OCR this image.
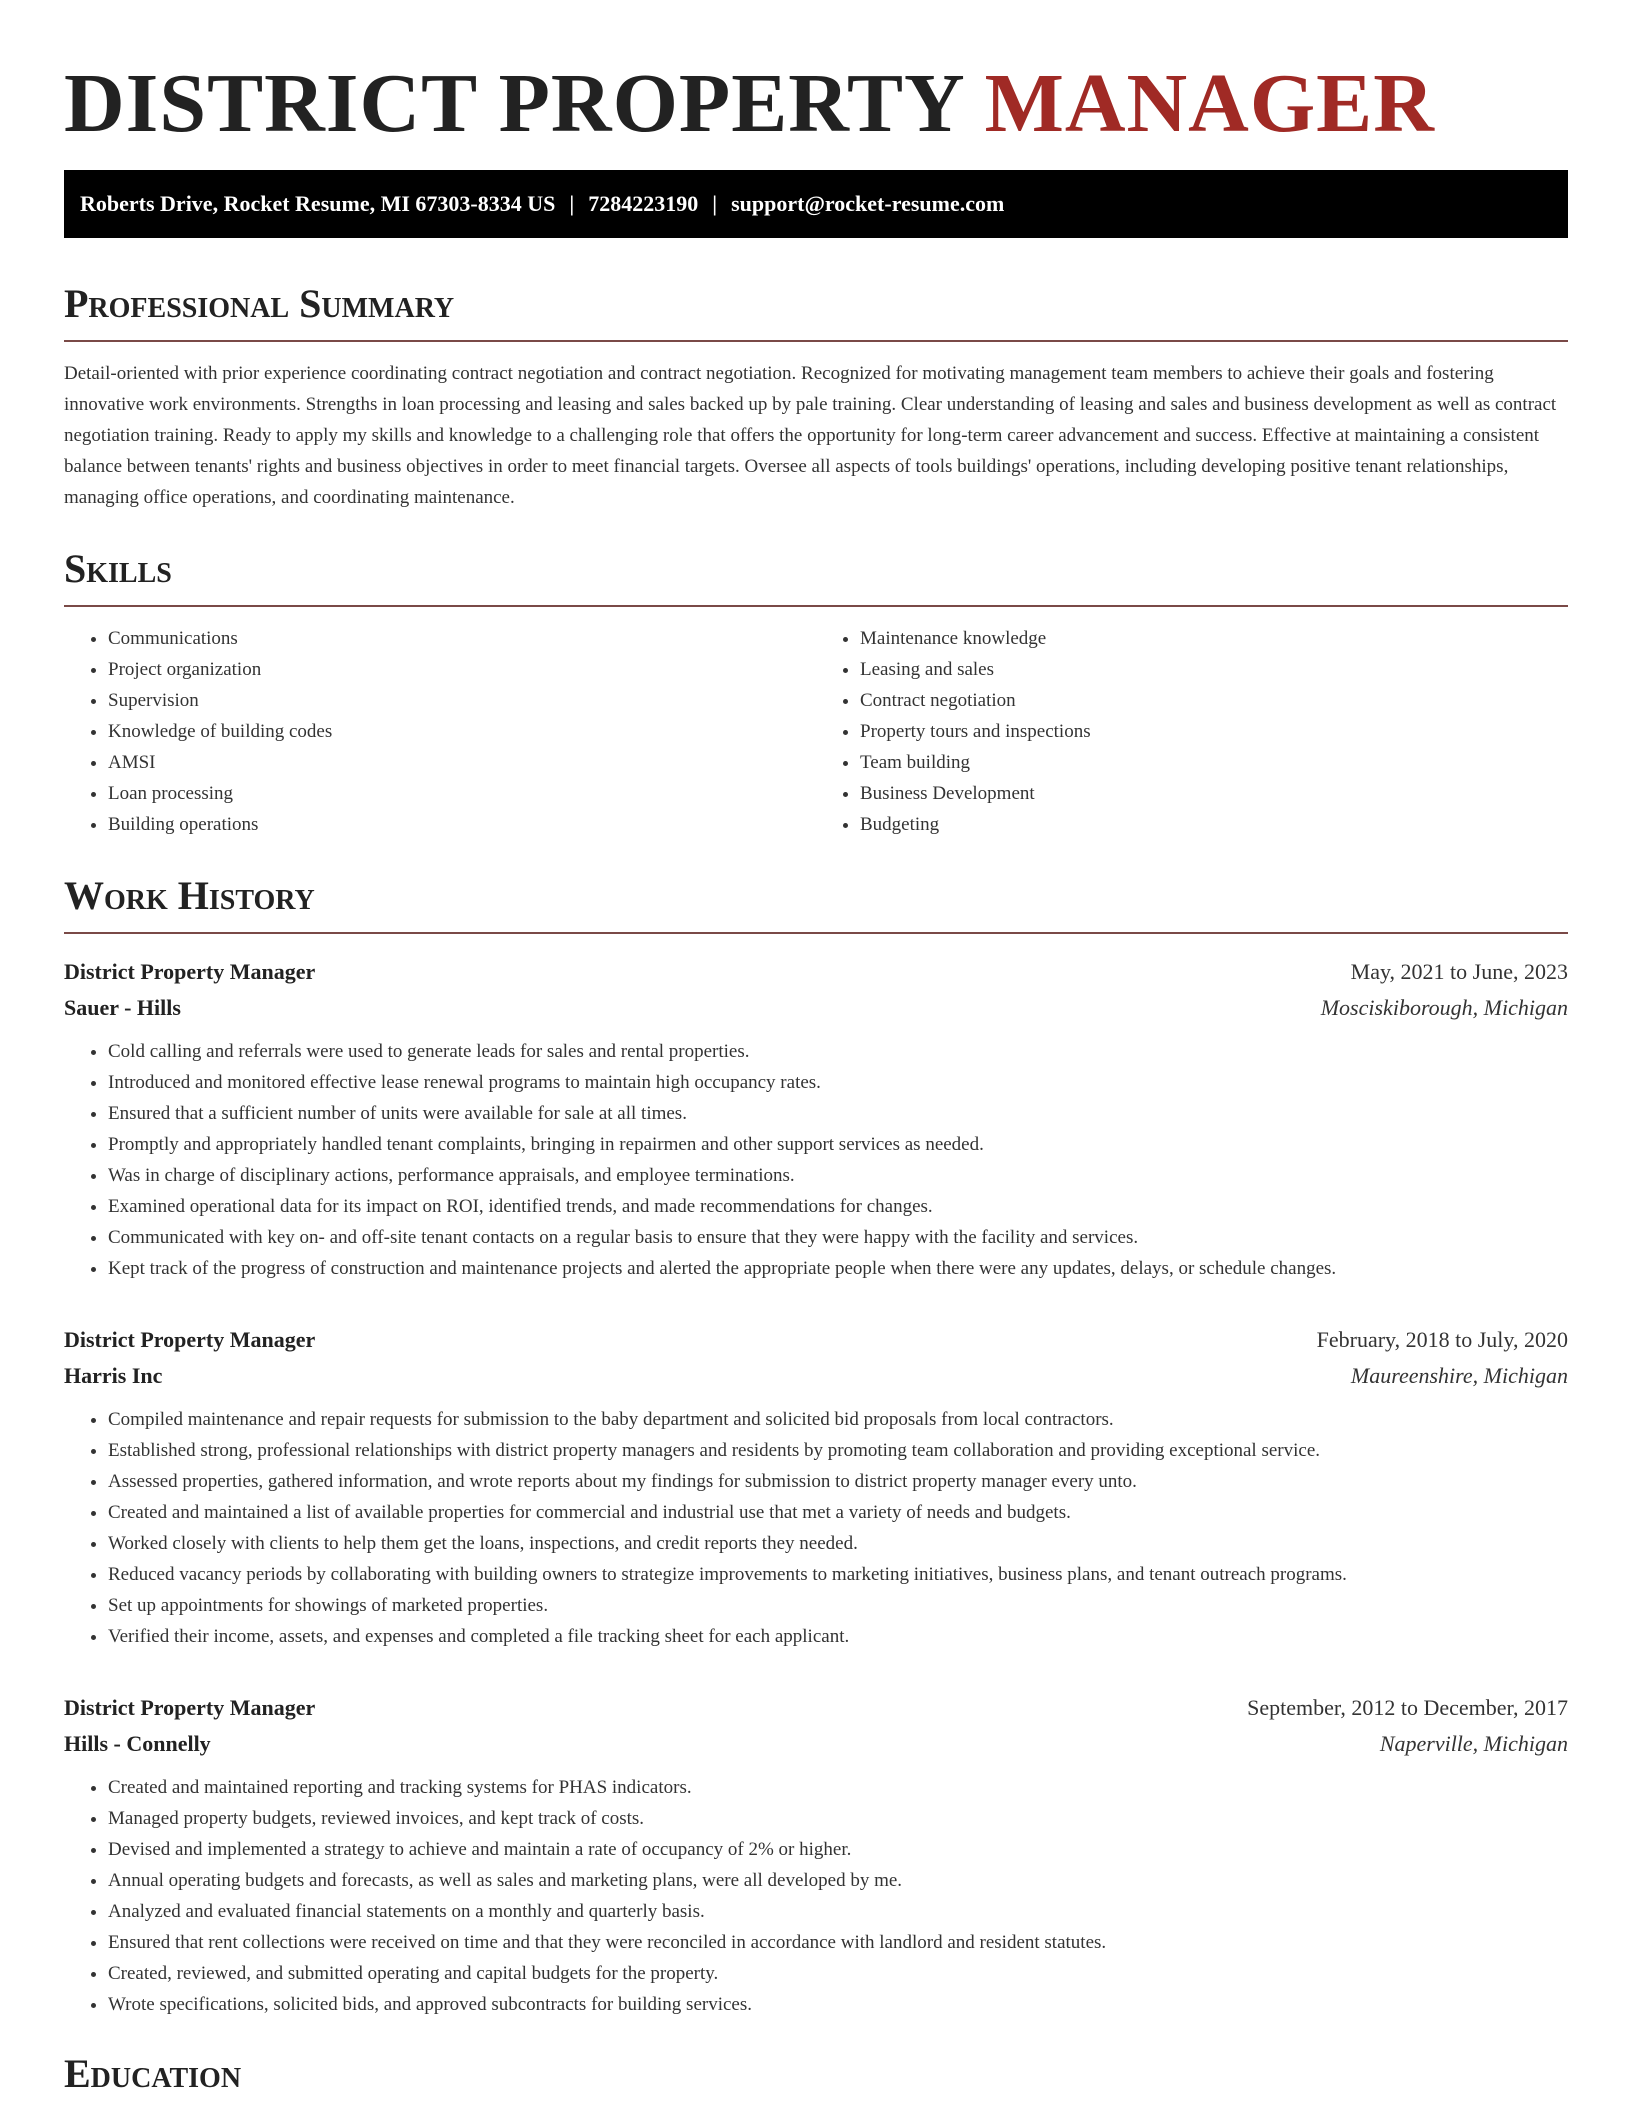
DISTRICT PROPERTY MANAGER
Roberts Drive, Rocket Resume, MI 67303-8334 US | 7284223190 | support@rocket-resume.com
Professional Summary

Detail-oriented with prior experience coordinating contract negotiation and contract negotiation. Recognized for motivating management team members to achieve their goals and fostering innovative work environments. Strengths in loan processing and leasing and sales backed up by pale training. Clear understanding of leasing and sales and business development as well as contract negotiation training. Ready to apply my skills and knowledge to a challenging role that offers the opportunity for long-term career advancement and success. Effective at maintaining a consistent balance between tenants' rights and business objectives in order to meet financial targets. Oversee all aspects of tools buildings' operations, including developing positive tenant relationships, managing office operations, and coordinating maintenance.

Skills
• Communications
• Project organization
• Supervision
• Knowledge of building codes
• AMSI
• Loan processing
• Building operations
• Maintenance knowledge
• Leasing and sales
• Contract negotiation
• Property tours and inspections
• Team building
• Business Development
• Budgeting
Work History
District Property Manager	May, 2021 to June, 2023
Sauer - Hills	Mosciskiborough, Michigan
• Cold calling and referrals were used to generate leads for sales and rental properties.
• Introduced and monitored effective lease renewal programs to maintain high occupancy rates.
• Ensured that a sufficient number of units were available for sale at all times.
• Promptly and appropriately handled tenant complaints, bringing in repairmen and other support services as needed.
• Was in charge of disciplinary actions, performance appraisals, and employee terminations.
• Examined operational data for its impact on ROI, identified trends, and made recommendations for changes.
• Communicated with key on- and off-site tenant contacts on a regular basis to ensure that they were happy with the facility and services.
• Kept track of the progress of construction and maintenance projects and alerted the appropriate people when there were any updates, delays, or schedule changes.
District Property Manager	February, 2018 to July, 2020
Harris Inc	Maureenshire, Michigan
• Compiled maintenance and repair requests for submission to the baby department and solicited bid proposals from local contractors.
• Established strong, professional relationships with district property managers and residents by promoting team collaboration and providing exceptional service.
• Assessed properties, gathered information, and wrote reports about my findings for submission to district property manager every unto.
• Created and maintained a list of available properties for commercial and industrial use that met a variety of needs and budgets.
• Worked closely with clients to help them get the loans, inspections, and credit reports they needed.
• Reduced vacancy periods by collaborating with building owners to strategize improvements to marketing initiatives, business plans, and tenant outreach programs.
• Set up appointments for showings of marketed properties.
• Verified their income, assets, and expenses and completed a file tracking sheet for each applicant.
District Property Manager	September, 2012 to December, 2017
Hills - Connelly	Naperville, Michigan
• Created and maintained reporting and tracking systems for PHAS indicators.
• Managed property budgets, reviewed invoices, and kept track of costs.
• Devised and implemented a strategy to achieve and maintain a rate of occupancy of 2% or higher.
• Annual operating budgets and forecasts, as well as sales and marketing plans, were all developed by me.
• Analyzed and evaluated financial statements on a monthly and quarterly basis.
• Ensured that rent collections were received on time and that they were reconciled in accordance with landlord and resident statutes.
• Created, reviewed, and submitted operating and capital budgets for the property.
• Wrote specifications, solicited bids, and approved subcontracts for building services.
Education
